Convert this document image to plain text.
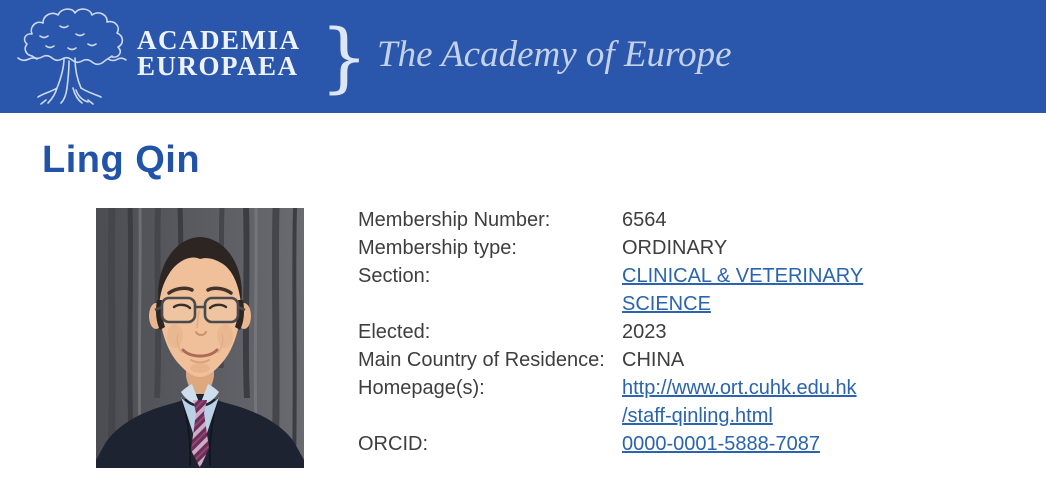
ACADEMIA
EUROPAEA } The Academy of Europe
Ling Qin
Membership Number:	6564
Membership type:	ORDINARY
Section:	CLINICAL & VETERINARY SCIENCE
Elected:	2023
Main Country of Residence: CHINA
Homepage(s):	http:​/​/www.ort.cuhk.edu.hk​/staff-qinling.html
ORCID:	0000-0001-5888-7087
